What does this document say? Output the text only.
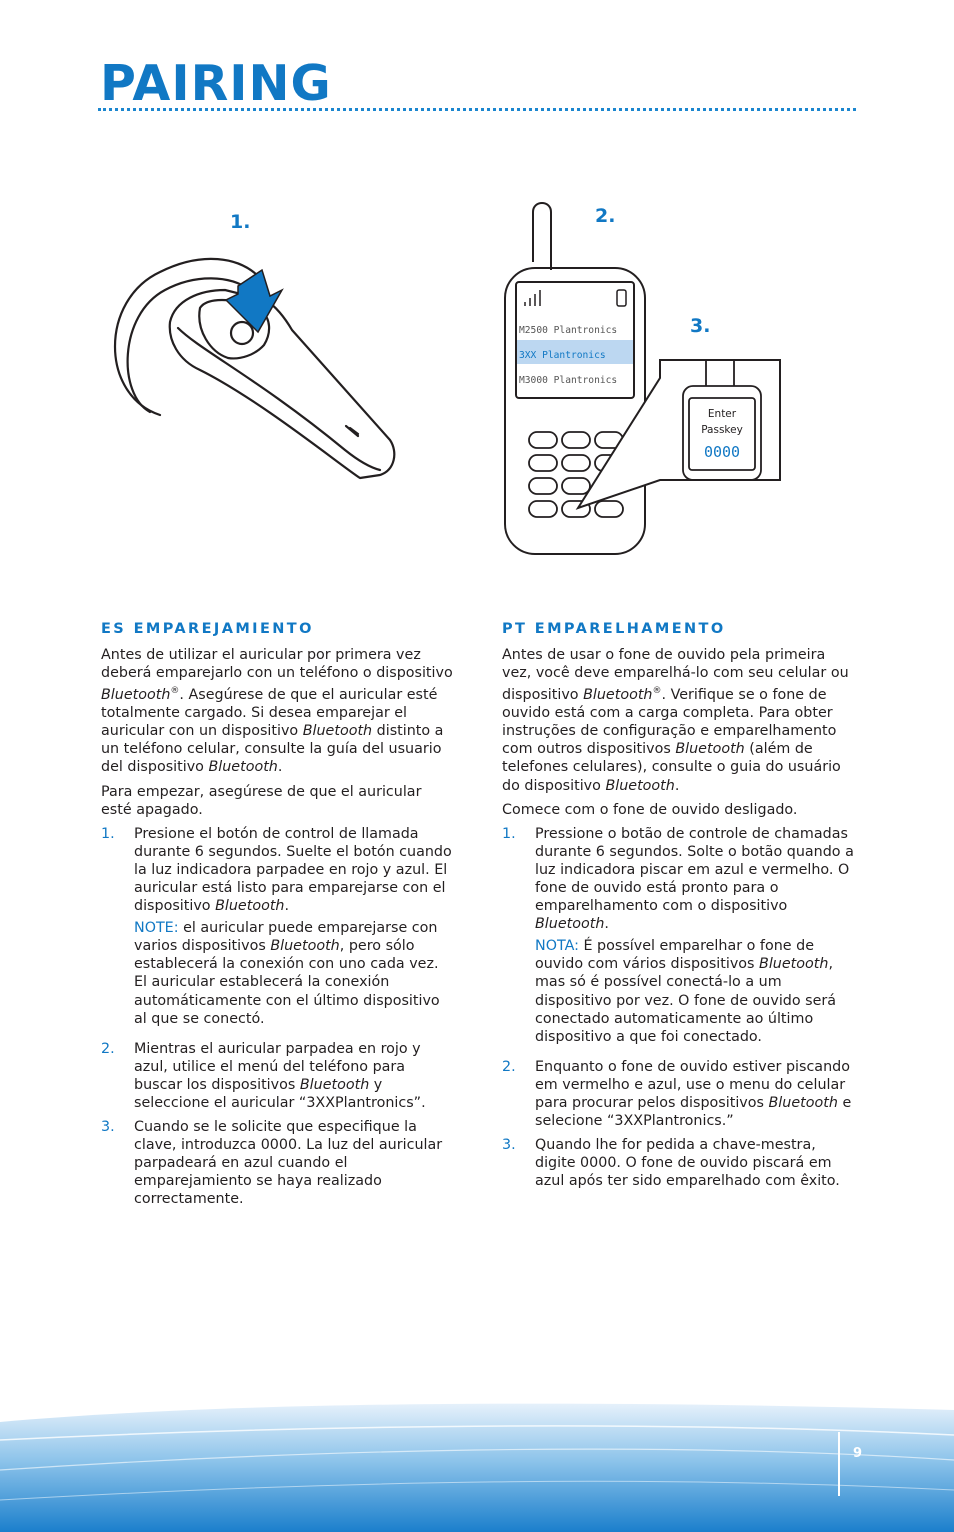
PAIRING
1.	2.
3.
M2500 Plantronics
3XX Plantronics
M3000 Plantronics
Enter
Passkey
0000
ES EMPAREJAMIENTO

Antes de utilizar el auricular por primera vez deberá emparejarlo con un teléfono o dispositivo Bluetooth®. Asegúrese de que el auricular esté totalmente cargado. Si desea emparejar el auricular con un dispositivo Bluetooth distinto a un teléfono celular, consulte la guía del usuario del dispositivo Bluetooth.

Para empezar, asegúrese de que el auricular esté apagado.

1.	Presione el botón de control de llamada durante 6 segundos. Suelte el botón cuando la luz indicadora parpadee en rojo y azul. El auricular está listo para emparejarse con el dispositivo Bluetooth.

NOTE: el auricular puede emparejarse con varios dispositivos Bluetooth, pero sólo establecerá la conexión con uno cada vez. El auricular establecerá la conexión automáticamente con el último dispositivo al que se conectó.

2.	Mientras el auricular parpadea en rojo y azul, utilice el menú del teléfono para buscar los dispositivos Bluetooth y seleccione el auricular “3XXPlantronics”.
3.	Cuando se le solicite que especifique la clave, introduzca 0000. La luz del auricular parpadeará en azul cuando el emparejamiento se haya realizado correctamente.
PT EMPARELHAMENTO

Antes de usar o fone de ouvido pela primeira vez, você deve emparelhá-lo com seu celular ou dispositivo Bluetooth®. Verifique se o fone de ouvido está com a carga completa. Para obter instruções de configuração e emparelhamento com outros dispositivos Bluetooth (além de telefones celulares), consulte o guia do usuário do dispositivo Bluetooth.

Comece com o fone de ouvido desligado.

1.	Pressione o botão de controle de chamadas durante 6 segundos. Solte o botão quando a luz indicadora piscar em azul e vermelho. O fone de ouvido está pronto para o emparelhamento com o dispositivo Bluetooth.

NOTA: É possível emparelhar o fone de ouvido com vários dispositivos Bluetooth, mas só é possível conectá-lo a um dispositivo por vez. O fone de ouvido será conectado automaticamente ao último dispositivo a que foi conectado.

2.	Enquanto o fone de ouvido estiver piscando em vermelho e azul, use o menu do celular para procurar pelos dispositivos Bluetooth e selecione “3XXPlantronics.”
3.	Quando lhe for pedida a chave-mestra, digite 0000. O fone de ouvido piscará em azul após ter sido emparelhado com êxito.
9
